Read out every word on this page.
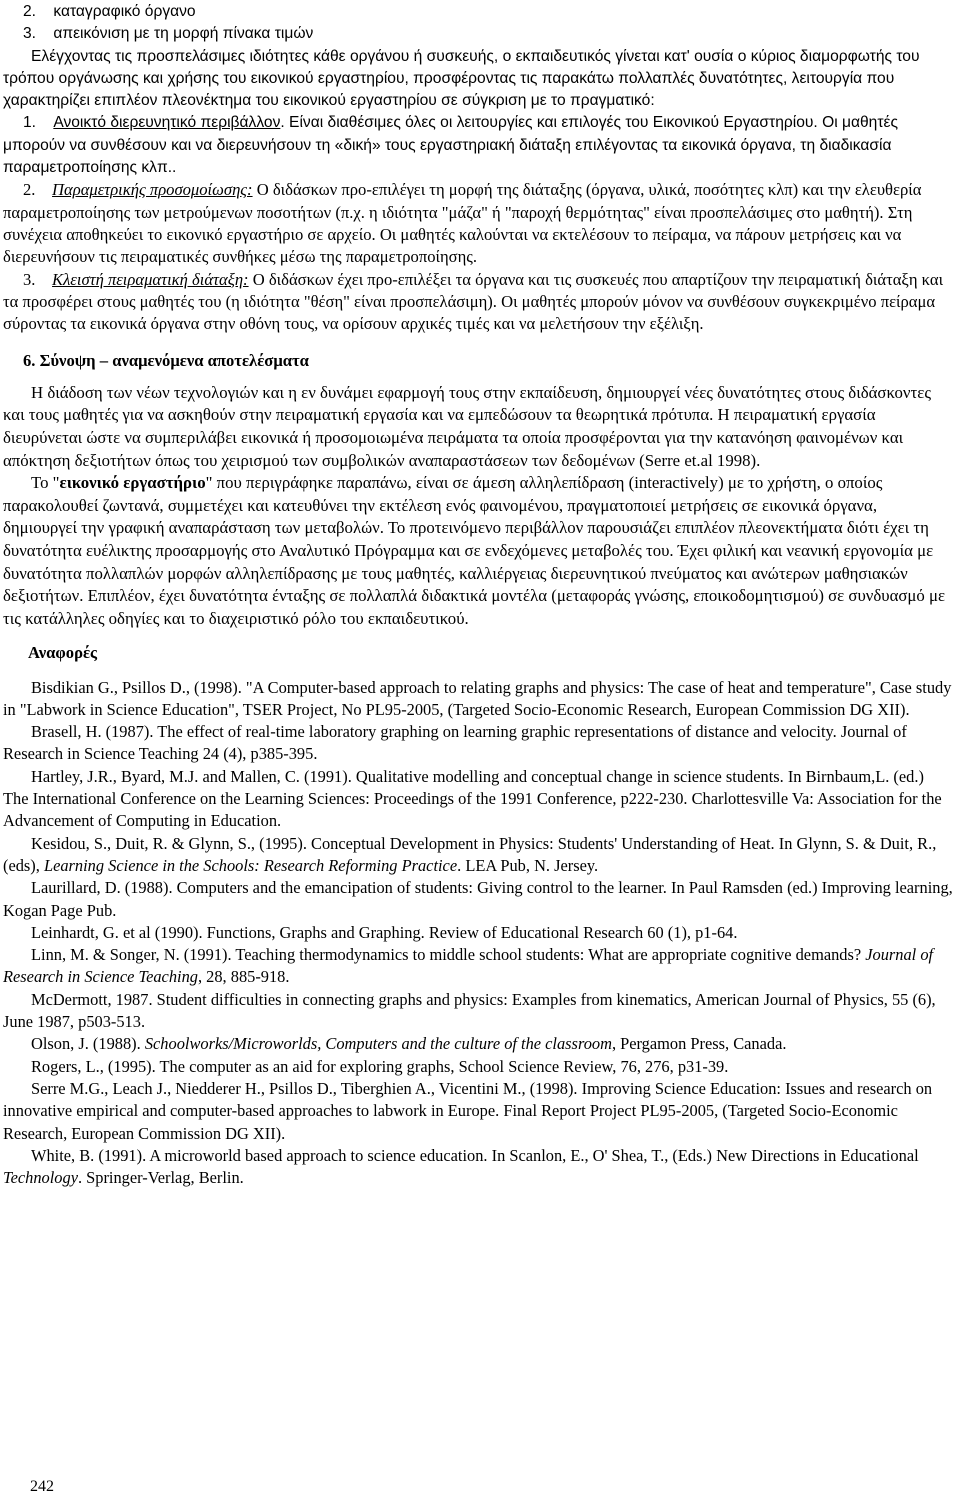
2.    καταγραφικό όργανο

3.    απεικόνιση με τη μορφή πίνακα τιμών

Ελέγχοντας τις προσπελάσιμες ιδιότητες κάθε οργάνου ή συσκευής, ο εκπαιδευτικός γίνεται κατ' ουσία ο κύριος διαμορφωτής του τρόπου οργάνωσης και χρήσης του εικονικού εργαστηρίου, προσφέροντας τις παρακάτω πολλαπλές δυνατότητες, λειτουργία που χαρακτηρίζει επιπλέον πλεονέκτημα του εικονικού εργαστηρίου σε σύγκριση με το πραγματικό:

1.    Ανοικτό διερευνητικό περιβάλλον. Είναι διαθέσιμες όλες οι λειτουργίες και επιλογές του Εικονικού Εργαστηρίου. Οι μαθητές μπορούν να συνθέσουν και να διερευνήσουν τη «δική» τους εργαστηριακή διάταξη επιλέγοντας τα εικονικά όργανα, τη διαδικασία παραμετροποίησης κλπ..

2.    Παραμετρικής προσομοίωσης: Ο διδάσκων προ-επιλέγει τη μορφή της διάταξης (όργανα, υλικά, ποσότητες κλπ) και την ελευθερία παραμετροποίησης των μετρούμενων ποσοτήτων (π.χ. η ιδιότητα "μάζα" ή "παροχή θερμότητας" είναι προσπελάσιμες στο μαθητή). Στη συνέχεια αποθηκεύει το εικονικό εργαστήριο σε αρχείο. Οι μαθητές καλούνται να εκτελέσουν το πείραμα, να πάρουν μετρήσεις και να διερευνήσουν τις πειραματικές συνθήκες μέσω της παραμετροποίησης.

3.    Κλειστή πειραματική διάταξη: Ο διδάσκων έχει προ-επιλέξει τα όργανα και τις συσκευές που απαρτίζουν την πειραματική διάταξη και τα προσφέρει στους μαθητές του (η ιδιότητα "θέση" είναι προσπελάσιμη). Οι μαθητές μπορούν μόνον να συνθέσουν συγκεκριμένο πείραμα σύροντας τα εικονικά όργανα στην οθόνη τους, να ορίσουν αρχικές τιμές και να μελετήσουν την εξέλιξη.

6. Σύνοψη – αναμενόμενα αποτελέσματα

Η διάδοση των νέων τεχνολογιών και η εν δυνάμει εφαρμογή τους στην εκπαίδευση, δημιουργεί νέες δυνατότητες στους διδάσκοντες και τους μαθητές για να ασκηθούν στην πειραματική εργασία και να εμπεδώσουν τα θεωρητικά πρότυπα. Η πειραματική εργασία διευρύνεται ώστε να συμπεριλάβει εικονικά ή προσομοιωμένα πειράματα τα οποία προσφέρονται για την κατανόηση φαινομένων και απόκτηση δεξιοτήτων όπως του χειρισμού των συμβολικών αναπαραστάσεων των δεδομένων (Serre et.al 1998).

Το "εικονικό εργαστήριο" που περιγράφηκε παραπάνω, είναι σε άμεση αλληλεπίδραση (interactively) με το χρήστη, ο οποίος παρακολουθεί ζωντανά, συμμετέχει και κατευθύνει την εκτέλεση ενός φαινομένου, πραγματοποιεί μετρήσεις σε εικονικά όργανα, δημιουργεί την γραφική αναπαράσταση των μεταβολών. Το προτεινόμενο περιβάλλον παρουσιάζει επιπλέον πλεονεκτήματα διότι έχει τη δυνατότητα ευέλικτης προσαρμογής στο Αναλυτικό Πρόγραμμα και σε ενδεχόμενες μεταβολές του. Έχει φιλική και νεανική εργονομία με δυνατότητα πολλαπλών μορφών αλληλεπίδρασης με τους μαθητές, καλλιέργειας διερευνητικού πνεύματος και ανώτερων μαθησιακών δεξιοτήτων. Επιπλέον, έχει δυνατότητα ένταξης σε πολλαπλά διδακτικά μοντέλα (μεταφοράς γνώσης, εποικοδομητισμού) σε συνδυασμό με τις κατάλληλες οδηγίες και το διαχειριστικό ρόλο του εκπαιδευτικού.

Αναφορές

Bisdikian G., Psillos D., (1998). "A Computer-based approach to relating graphs and physics: The case of heat and temperature", Case study in "Labwork in Science Education", TSER Project, No PL95-2005, (Targeted Socio-Economic Research, European Commission DG XII).

Brasell, H. (1987). The effect of real-time laboratory graphing on learning graphic representations of distance and velocity. Journal of Research in Science Teaching 24 (4), p385-395.

Hartley, J.R., Byard, M.J. and Mallen, C. (1991). Qualitative modelling and conceptual change in science students. In Birnbaum,L. (ed.) The International Conference on the Learning Sciences: Proceedings of the 1991 Conference, p222-230. Charlottesville Va: Association for the Advancement of Computing in Education.

Kesidou, S., Duit, R. & Glynn, S., (1995). Conceptual Development in Physics: Students' Understanding of Heat. In Glynn, S. & Duit, R., (eds), Learning Science in the Schools: Research Reforming Practice. LEA Pub, N. Jersey.

Laurillard, D. (1988). Computers and the emancipation of students: Giving control to the learner. In Paul Ramsden (ed.) Improving learning, Kogan Page Pub.

Leinhardt, G. et al (1990). Functions, Graphs and Graphing. Review of Educational Research 60 (1), p1-64.

Linn, M. & Songer, N. (1991). Teaching thermodynamics to middle school students: What are appropriate cognitive demands? Journal of Research in Science Teaching, 28, 885-918.

McDermott, 1987. Student difficulties in connecting graphs and physics: Examples from kinematics, American Journal of Physics, 55 (6), June 1987, p503-513.

Olson, J. (1988). Schoolworks/Microworlds, Computers and the culture of the classroom, Pergamon Press, Canada.

Rogers, L., (1995). The computer as an aid for exploring graphs, School Science Review, 76, 276, p31-39.

Serre M.G., Leach J., Niedderer H., Psillos D., Tiberghien A., Vicentini M., (1998). Improving Science Education: Issues and research on innovative empirical and computer-based approaches to labwork in Europe. Final Report Project PL95-2005, (Targeted Socio-Economic Research, European Commission DG XII).

White, B. (1991). A microworld based approach to science education. In Scanlon, E., O' Shea, T., (Eds.) New Directions in Educational Technology. Springer-Verlag, Berlin.

242
